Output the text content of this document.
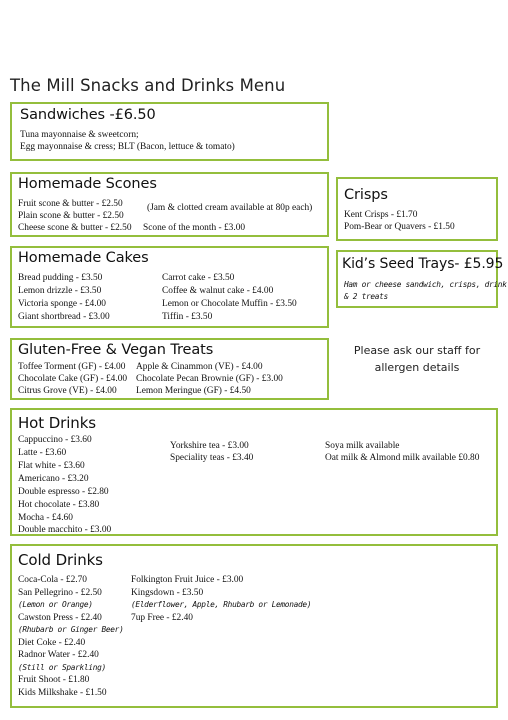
The Mill Snacks and Drinks Menu
Sandwiches -£6.50
Tuna mayonnaise & sweetcorn;
Egg mayonnaise & cress; BLT (Bacon, lettuce & tomato)
Homemade Scones
Fruit scone & butter - £2.50
Plain scone & butter - £2.50
Cheese scone & butter - £2.50
(Jam & clotted cream available at 80p each)
Scone of the month - £3.00
Crisps
Kent Crisps - £1.70
Pom-Bear or Quavers - £1.50
Homemade Cakes
Bread pudding - £3.50
Lemon drizzle - £3.50
Victoria sponge - £4.00
Giant shortbread - £3.00
Carrot cake - £3.50
Coffee & walnut cake - £4.00
Lemon or Chocolate Muffin - £3.50
Tiffin - £3.50
Kid’s Seed Trays- £5.95
Ham or cheese sandwich, crisps, drink
& 2 treats
Gluten-Free & Vegan Treats
Toffee Torment (GF) - £4.00
Chocolate Cake (GF) - £4.00
Citrus Grove (VE) - £4.00
Apple & Cinammon (VE) - £4.00
Chocolate Pecan Brownie (GF) - £3.00
Lemon Meringue (GF) - £4.50
Please ask our staff for
allergen details
Hot Drinks
Cappuccino - £3.60
Latte - £3.60
Flat white - £3.60
Americano - £3.20
Double espresso - £2.80
Hot chocolate - £3.80
Mocha - £4.60
Double macchito - £3.00
Yorkshire tea - £3.00
Speciality teas - £3.40
Soya milk available
Oat milk & Almond milk available £0.80
Cold Drinks
Coca-Cola - £2.70
San Pellegrino - £2.50
(Lemon or Orange)
Cawston Press - £2.40
(Rhubarb or Ginger Beer)
Diet Coke - £2.40
Radnor Water - £2.40
(Still or Sparkling)
Fruit Shoot - £1.80
Kids Milkshake - £1.50
Folkington Fruit Juice - £3.00
Kingsdown - £3.50
(Elderflower, Apple, Rhubarb or Lemonade)
7up Free - £2.40
